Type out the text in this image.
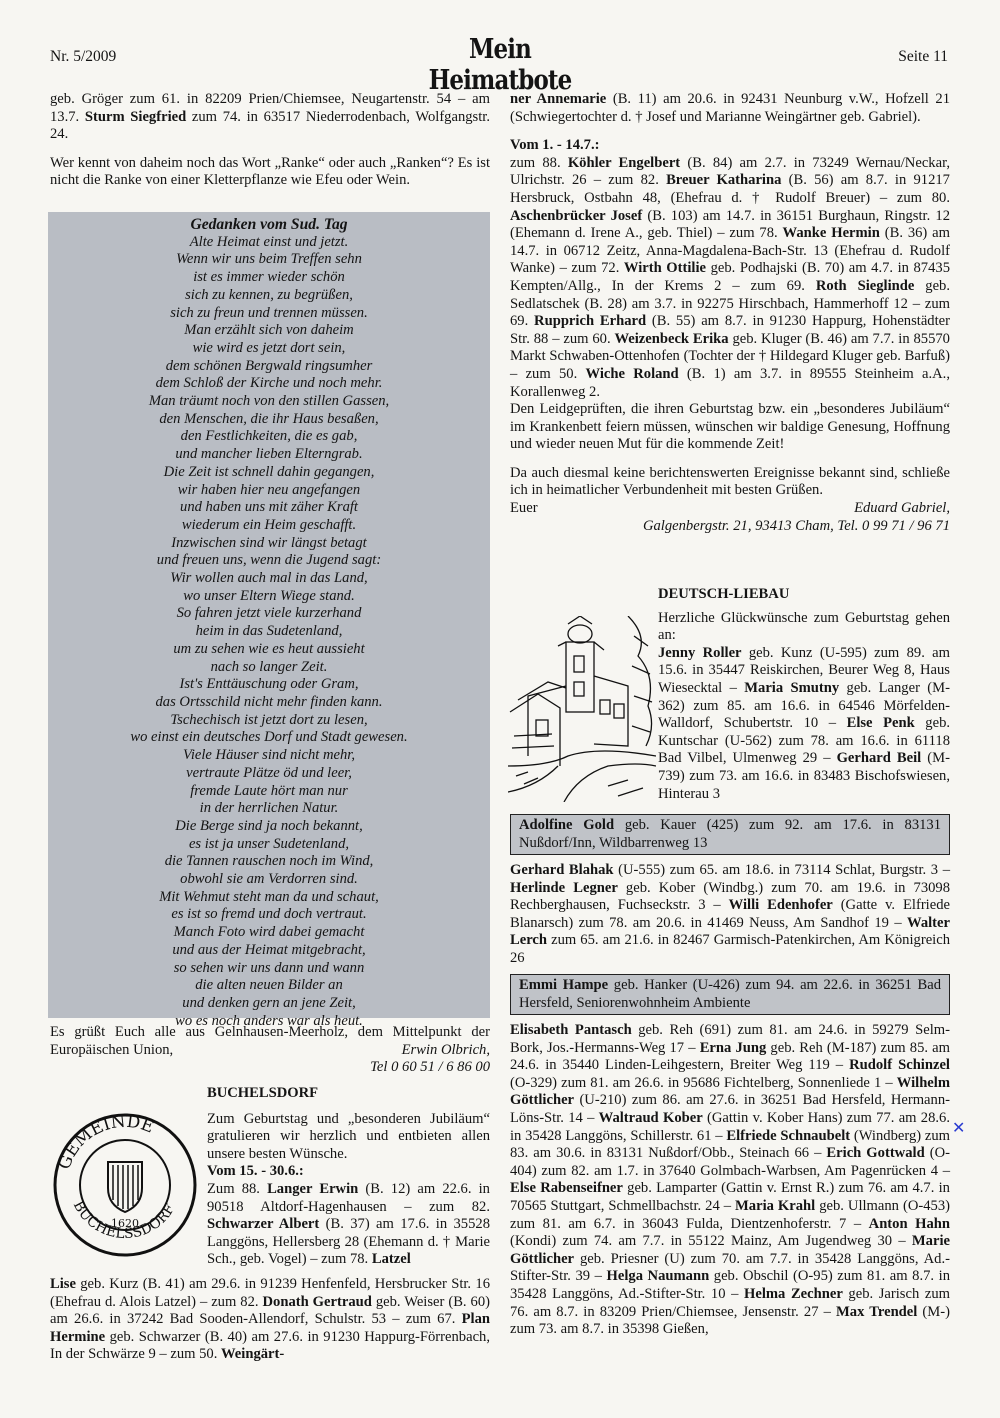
Nr. 5/2009	Mein Heimatbote
Seite 11

geb. Gröger zum 61. in 82209 Prien/Chiemsee, Neugartenstr. 54 – am 13.7. Sturm Siegfried zum 74. in 63517 Niederrodenbach, Wolfgangstr. 24.

Wer kennt von daheim noch das Wort „Ranke“ oder auch „Ranken“? Es ist nicht die Ranke von einer Kletterpflanze wie Efeu oder Wein.

Gedanken vom Sud. Tag
Alte Heimat einst und jetzt.
Wenn wir uns beim Treffen sehn
ist es immer wieder schön
sich zu kennen, zu begrüßen,
sich zu freun und trennen müssen.
Man erzählt sich von daheim
wie wird es jetzt dort sein,
dem schönen Bergwald ringsumher
dem Schloß der Kirche und noch mehr.
Man träumt noch von den stillen Gassen,
den Menschen, die ihr Haus besaßen,
den Festlichkeiten, die es gab,
und mancher lieben Elterngrab.
Die Zeit ist schnell dahin gegangen,
wir haben hier neu angefangen
und haben uns mit zäher Kraft
wiederum ein Heim geschafft.
Inzwischen sind wir längst betagt
und freuen uns, wenn die Jugend sagt:
Wir wollen auch mal in das Land,
wo unser Eltern Wiege stand.
So fahren jetzt viele kurzerhand
heim in das Sudetenland,
um zu sehen wie es heut aussieht
nach so langer Zeit.
Ist's Enttäuschung oder Gram,
das Ortsschild nicht mehr finden kann.
Tschechisch ist jetzt dort zu lesen,
wo einst ein deutsches Dorf und Stadt gewesen.
Viele Häuser sind nicht mehr,
vertraute Plätze öd und leer,
fremde Laute hört man nur
in der herrlichen Natur.
Die Berge sind ja noch bekannt,
es ist ja unser Sudetenland,
die Tannen rauschen noch im Wind,
obwohl sie am Verdorren sind.
Mit Wehmut steht man da und schaut,
es ist so fremd und doch vertraut.
Manch Foto wird dabei gemacht
und aus der Heimat mitgebracht,
so sehen wir uns dann und wann
die alten neuen Bilder an
und denken gern an jene Zeit,
wo es noch anders war als heut.

Es grüßt Euch alle aus Gelnhausen-Meerholz, dem Mittelpunkt der Europäischen Union,	Erwin Olbrich,

Tel 0 60 51 / 6 86 00

GEMEINDE
BUCHELSSDORF
1620

BUCHELSDORF

Zum Geburtstag und „besonderen Jubiläum“ gratulieren wir herzlich und entbieten allen unsere besten Wünsche.

Vom 15. - 30.6.:

Zum 88. Langer Erwin (B. 12) am 22.6. in 90518 Altdorf-Hagenhausen – zum 82. Schwarzer Albert (B. 37) am 17.6. in 35528 Langgöns, Hellersberg 28 (Ehemann d. † Marie Sch., geb. Vogel) – zum 78. Latzel

Lise geb. Kurz (B. 41) am 29.6. in 91239 Henfenfeld, Hersbrucker Str. 16 (Ehefrau d. Alois Latzel) – zum 82. Donath Gertraud geb. Weiser (B. 60) am 26.6. in 37242 Bad Sooden-Allendorf, Schulstr. 53 – zum 67. Plan Hermine geb. Schwarzer (B. 40) am 27.6. in 91230 Happurg-Förrenbach, In der Schwärze 9 – zum 50. Weingärt-

ner Annemarie (B. 11) am 20.6. in 92431 Neunburg v.W., Hofzell 21 (Schwiegertochter d. † Josef und Marianne Weingärtner geb. Gabriel).

Vom 1. - 14.7.:

zum 88. Köhler Engelbert (B. 84) am 2.7. in 73249 Wernau/Neckar, Ulrichstr. 26 – zum 82. Breuer Katharina (B. 56) am 8.7. in 91217 Hersbruck, Ostbahn 48, (Ehefrau d. † Rudolf Breuer) – zum 80. Aschenbrücker Josef (B. 103) am 14.7. in 36151 Burghaun, Ringstr. 12 (Ehemann d. Irene A., geb. Thiel) – zum 78. Wanke Hermin (B. 36) am 14.7. in 06712 Zeitz, Anna-Magdalena-Bach-Str. 13 (Ehefrau d. Rudolf Wanke) – zum 72. Wirth Ottilie geb. Podhajski (B. 70) am 4.7. in 87435 Kempten/Allg., In der Krems 2 – zum 69. Roth Sieglinde geb. Sedlatschek (B. 28) am 3.7. in 92275 Hirschbach, Hammerhoff 12 – zum 69. Rupprich Erhard (B. 55) am 8.7. in 91230 Happurg, Hohenstädter Str. 88 – zum 60. Weizenbeck Erika geb. Kluger (B. 46) am 7.7. in 85570 Markt Schwaben-Ottenhofen (Tochter der † Hildegard Kluger geb. Barfuß) – zum 50. Wiche Roland (B. 1) am 3.7. in 89555 Steinheim a.A., Korallenweg 2.

Den Leidgeprüften, die ihren Geburtstag bzw. ein „besonderes Jubiläum“ im Krankenbett feiern müssen, wünschen wir baldige Genesung, Hoffnung und wieder neuen Mut für die kommende Zeit!

Da auch diesmal keine berichtenswerten Ereignisse bekannt sind, schließe ich in heimatlicher Verbundenheit mit besten Grüßen.

Euer	Eduard Gabriel,

Galgenbergstr. 21, 93413 Cham, Tel. 0 99 71 / 96 71

DEUTSCH-LIEBAU

Herzliche Glückwünsche zum Geburtstag gehen an:

Jenny Roller geb. Kunz (U-595) zum 89. am 15.6. in 35447 Reiskirchen, Beurer Weg 8, Haus Wiesecktal – Maria Smutny geb. Langer (M-362) zum 85. am 16.6. in 64546 Mörfelden-Walldorf, Schubertstr. 10 – Else Penk geb. Kuntschar (U-562) zum 78. am 16.6. in 61118 Bad Vilbel, Ulmenweg 29 – Gerhard Beil (M-739) zum 73. am 16.6. in 83483 Bischofswiesen, Hinterau 3

Adolfine Gold geb. Kauer (425) zum 92. am 17.6. in 83131 Nußdorf/Inn, Wildbarrenweg 13

Gerhard Blahak (U-555) zum 65. am 18.6. in 73114 Schlat, Burgstr. 3 – Herlinde Legner geb. Kober (Windbg.) zum 70. am 19.6. in 73098 Rechberghausen, Fuchseckstr. 3 – Willi Edenhofer (Gatte v. Elfriede Blanarsch) zum 78. am 20.6. in 41469 Neuss, Am Sandhof 19 – Walter Lerch zum 65. am 21.6. in 82467 Garmisch-Patenkirchen, Am Königreich 26

Emmi Hampe geb. Hanker (U-426) zum 94. am 22.6. in 36251 Bad Hersfeld, Seniorenwohnheim Ambiente

Elisabeth Pantasch geb. Reh (691) zum 81. am 24.6. in 59279 Selm-Bork, Jos.-Hermanns-Weg 17 – Erna Jung geb. Reh (M-187) zum 85. am 24.6. in 35440 Linden-Leihgestern, Breiter Weg 119 – Rudolf Schinzel (O-329) zum 81. am 26.6. in 95686 Fichtelberg, Sonnenliede 1 – Wilhelm Göttlicher (U-210) zum 86. am 27.6. in 36251 Bad Hersfeld, Hermann-Löns-Str. 14 – Waltraud Kober (Gattin v. Kober Hans) zum 77. am 28.6. in 35428 Langgöns, Schillerstr. 61 – Elfriede Schnaubelt (Windberg) zum 83. am 30.6. in 83131 Nußdorf/Obb., Steinach 66 – Erich Gottwald (O-404) zum 82. am 1.7. in 37640 Golmbach-Warbsen, Am Pagenrücken 4 – Else Rabenseifner geb. Lamparter (Gattin v. Ernst R.) zum 76. am 4.7. in 70565 Stuttgart, Schmellbachstr. 24 – Maria Krahl geb. Ullmann (O-453) zum 81. am 6.7. in 36043 Fulda, Dientzenhoferstr. 7 – Anton Hahn (Kondi) zum 74. am 7.7. in 55122 Mainz, Am Jugendweg 30 – Marie Göttlicher geb. Priesner (U) zum 70. am 7.7. in 35428 Langgöns, Ad.-Stifter-Str. 39 – Helga Naumann geb. Obschil (O-95) zum 81. am 8.7. in 35428 Langgöns, Ad.-Stifter-Str. 10 – Helma Zechner geb. Jarisch zum 76. am 8.7. in 83209 Prien/Chiemsee, Jensenstr. 27 – Max Trendel (M-) zum 73. am 8.7. in 35398 Gießen,

✕
